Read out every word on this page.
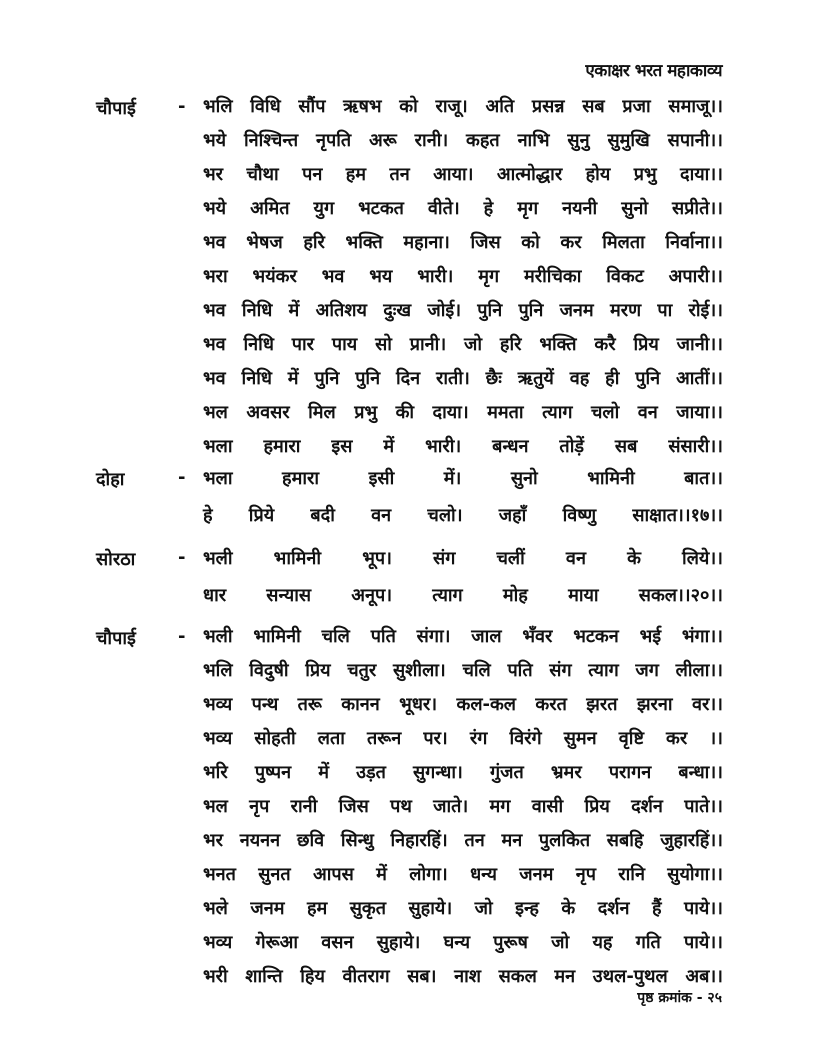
एकाक्षर भरत महाकाव्य
चौपाई - भलि विधि सौंप ऋषभ को राजू। अति प्रसन्न सब प्रजा समाजू।।
भये निश्चिन्त नृपति अरू रानी। कहत नाभि सुनु सुमुखि सपानी।।
भर चौथा पन हम तन आया। आत्मोद्धार होय प्रभु दाया।।
भये अमित युग भटकत वीते। हे मृग नयनी सुनो सप्रीते।।
भव भेषज हरि भक्ति महाना। जिस को कर मिलता निर्वाना।।
भरा भयंकर भव भय भारी। मृग मरीचिका विकट अपारी।।
भव निधि में अतिशय दुःख जोई। पुनि पुनि जनम मरण पा रोई।।
भव निधि पार पाय सो प्रानी। जो हरि भक्ति करै प्रिय जानी।।
भव निधि में पुनि पुनि दिन राती। छैः ऋतुयें वह ही पुनि आतीं।।
भल अवसर मिल प्रभु की दाया। ममता त्याग चलो वन जाया।।
भला हमारा इस में भारी। बन्धन तोड़ें सब संसारी।।
दोहा	- भला हमारा इसी में। सुनो भामिनी बात।।
हे प्रिये बदी वन चलो। जहाँ विष्णु साक्षात।।१७।।
सोरठा - भली भामिनी भूप। संग चलीं वन के लिये।।
धार सन्यास अनूप। त्याग मोह माया सकल।।२०।।
चौपाई - भली भामिनी चलि पति संगा। जाल भँवर भटकन भई भंगा।।
भलि विदुषी प्रिय चतुर सुशीला। चलि पति संग त्याग जग लीला।।
भव्य पन्थ तरू कानन भूधर। कल-कल करत झरत झरना वर।।
भव्य सोहती लता तरून पर। रंग विरंगे सुमन वृष्टि कर ।।
भरि पुष्पन में उड़त सुगन्धा। गुंजत भ्रमर परागन बन्धा।।
भल नृप रानी जिस पथ जाते। मग वासी प्रिय दर्शन पाते।।
भर नयनन छवि सिन्धु निहारहिं। तन मन पुलकित सबहि जुहारहिं।।
भनत सुनत आपस में लोगा। धन्य जनम नृप रानि सुयोगा।।
भले जनम हम सुकृत सुहाये। जो इन्ह के दर्शन हैं पाये।।
भव्य गेरूआ वसन सुहाये। घन्य पुरूष जो यह गति पाये।।
भरी शान्ति हिय वीतराग सब। नाश सकल मन उथल-पुथल अब।।
पृष्ठ क्रमांक - २५
